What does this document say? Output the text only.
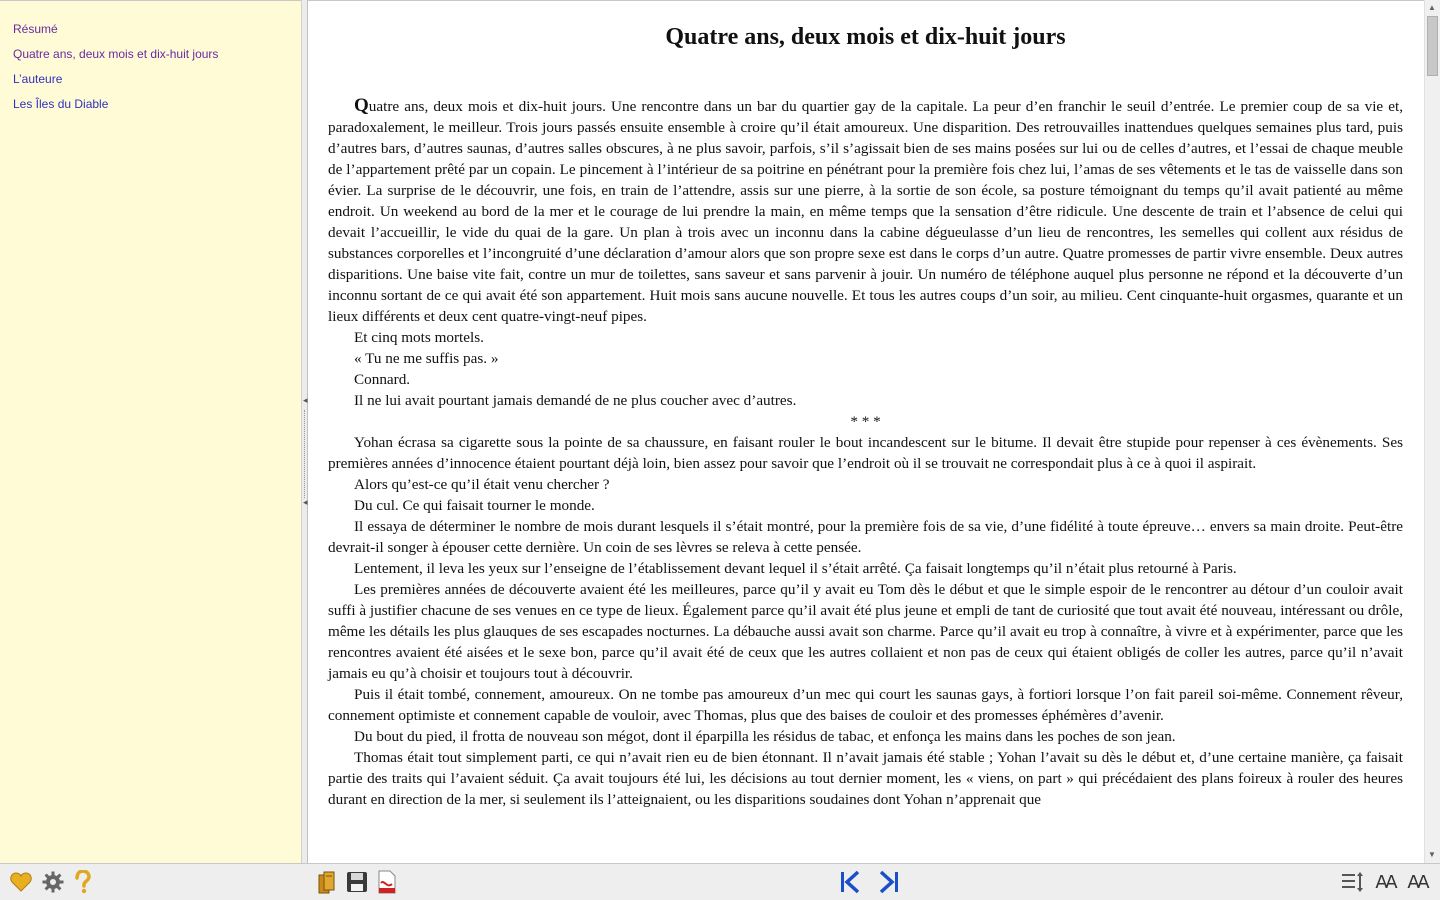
Résumé
Quatre ans, deux mois et dix-huit jours
L’auteure
Les Îles du Diable
◂
◂
Quatre ans, deux mois et dix-huit jours

Quatre ans, deux mois et dix-huit jours. Une rencontre dans un bar du quartier gay de la capitale. La peur d’en franchir le seuil d’entrée. Le premier coup de sa vie et, paradoxalement, le meilleur. Trois jours passés ensuite ensemble à croire qu’il était amoureux. Une disparition. Des retrouvailles inattendues quelques semaines plus tard, puis d’autres bars, d’autres saunas, d’autres salles obscures, à ne plus savoir, parfois, s’il s’agissait bien de ses mains posées sur lui ou de celles d’autres, et l’essai de chaque meuble de l’appartement prêté par un copain. Le pincement à l’intérieur de sa poitrine en pénétrant pour la première fois chez lui, l’amas de ses vêtements et le tas de vaisselle dans son évier. La surprise de le découvrir, une fois, en train de l’attendre, assis sur une pierre, à la sortie de son école, sa posture témoignant du temps qu’il avait patienté au même endroit. Un weekend au bord de la mer et le courage de lui prendre la main, en même temps que la sensation d’être ridicule. Une descente de train et l’absence de celui qui devait l’accueillir, le vide du quai de la gare. Un plan à trois avec un inconnu dans la cabine dégueulasse d’un lieu de rencontres, les semelles qui collent aux résidus de substances corporelles et l’incongruité d’une déclaration d’amour alors que son propre sexe est dans le corps d’un autre. Quatre promesses de partir vivre ensemble. Deux autres disparitions. Une baise vite fait, contre un mur de toilettes, sans saveur et sans parvenir à jouir. Un numéro de téléphone auquel plus personne ne répond et la découverte d’un inconnu sortant de ce qui avait été son appartement. Huit mois sans aucune nouvelle. Et tous les autres coups d’un soir, au milieu. Cent cinquante-huit orgasmes, quarante et un lieux différents et deux cent quatre-vingt-neuf pipes.

Et cinq mots mortels.

« Tu ne me suffis pas. »

Connard.

Il ne lui avait pourtant jamais demandé de ne plus coucher avec d’autres.

* * *

Yohan écrasa sa cigarette sous la pointe de sa chaussure, en faisant rouler le bout incandescent sur le bitume. Il devait être stupide pour repenser à ces évènements. Ses premières années d’innocence étaient pourtant déjà loin, bien assez pour savoir que l’endroit où il se trouvait ne correspondait plus à ce à quoi il aspirait.

Alors qu’est-ce qu’il était venu chercher ?

Du cul. Ce qui faisait tourner le monde.

Il essaya de déterminer le nombre de mois durant lesquels il s’était montré, pour la première fois de sa vie, d’une fidélité à toute épreuve… envers sa main droite. Peut-être devrait-il songer à épouser cette dernière. Un coin de ses lèvres se releva à cette pensée.

Lentement, il leva les yeux sur l’enseigne de l’établissement devant lequel il s’était arrêté. Ça faisait longtemps qu’il n’était plus retourné à Paris.

Les premières années de découverte avaient été les meilleures, parce qu’il y avait eu Tom dès le début et que le simple espoir de le rencontrer au détour d’un couloir avait suffi à justifier chacune de ses venues en ce type de lieux. Également parce qu’il avait été plus jeune et empli de tant de curiosité que tout avait été nouveau, intéressant ou drôle, même les détails les plus glauques de ses escapades nocturnes. La débauche aussi avait son charme. Parce qu’il avait eu trop à connaître, à vivre et à expérimenter, parce que les rencontres avaient été aisées et le sexe bon, parce qu’il avait été de ceux que les autres collaient et non pas de ceux qui étaient obligés de coller les autres, parce qu’il n’avait jamais eu qu’à choisir et toujours tout à découvrir.

Puis il était tombé, connement, amoureux. On ne tombe pas amoureux d’un mec qui court les saunas gays, à fortiori lorsque l’on fait pareil soi-même. Connement rêveur, connement optimiste et connement capable de vouloir, avec Thomas, plus que des baises de couloir et des promesses éphémères d’avenir.

Du bout du pied, il frotta de nouveau son mégot, dont il éparpilla les résidus de tabac, et enfonça les mains dans les poches de son jean.

Thomas était tout simplement parti, ce qui n’avait rien eu de bien étonnant. Il n’avait jamais été stable ; Yohan l’avait su dès le début et, d’une certaine manière, ça faisait partie des traits qui l’avaient séduit. Ça avait toujours été lui, les décisions au tout dernier moment, les « viens, on part » qui précédaient des plans foireux à rouler des heures durant en direction de la mer, si seulement ils l’atteignaient, ou les disparitions soudaines dont Yohan n’apprenait que

▲
▼
AA AA
